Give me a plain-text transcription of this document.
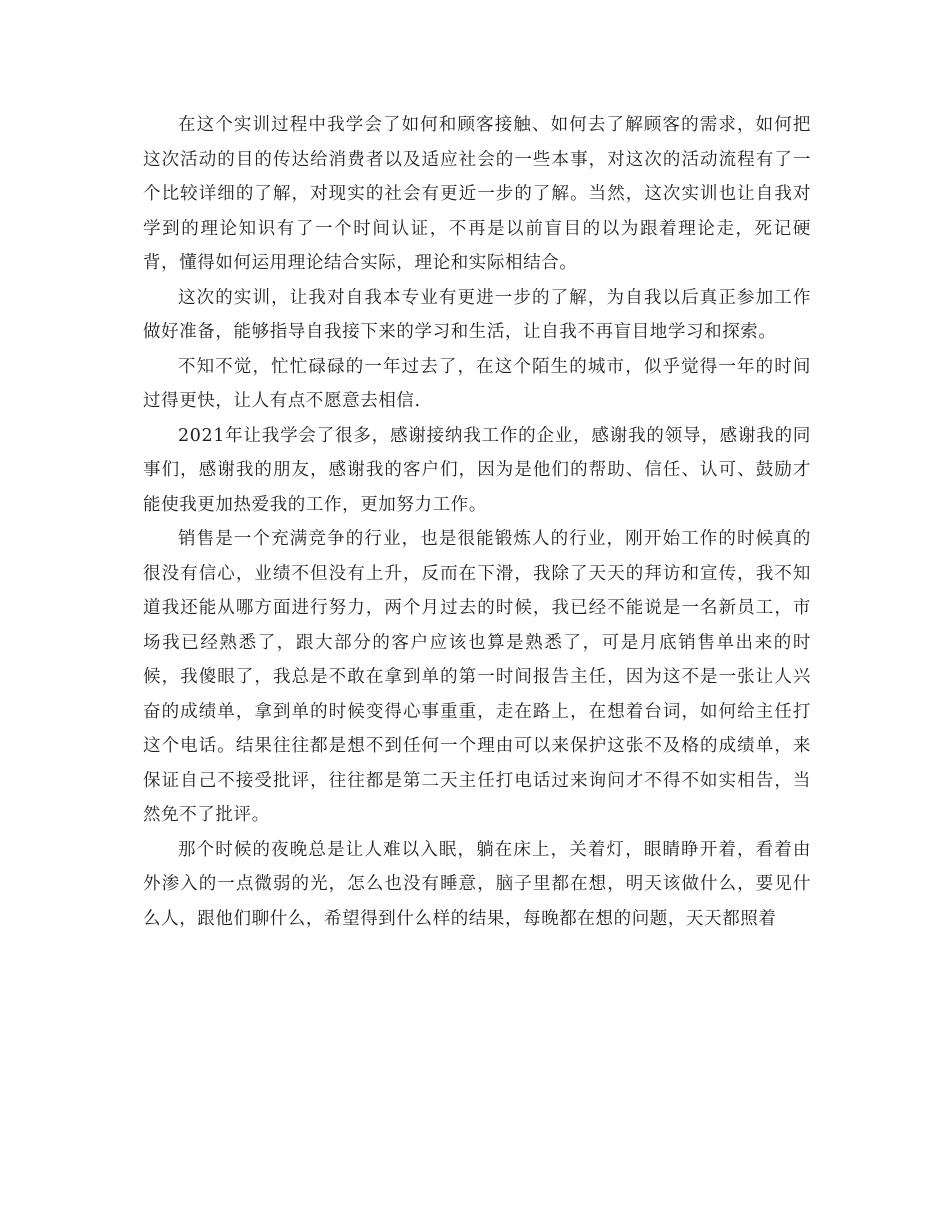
在这个实训过程中我学会了如何和顾客接触、如何去了解顾客的需求，如何把这次活动的目的传达给消费者以及适应社会的一些本事，对这次的活动流程有了一个比较详细的了解，对现实的社会有更近一步的了解。当然，这次实训也让自我对学到的理论知识有了一个时间认证，不再是以前盲目的以为跟着理论走，死记硬背，懂得如何运用理论结合实际，理论和实际相结合。

这次的实训，让我对自我本专业有更进一步的了解，为自我以后真正参加工作做好准备，能够指导自我接下来的学习和生活，让自我不再盲目地学习和探索。

不知不觉，忙忙碌碌的一年过去了，在这个陌生的城市，似乎觉得一年的时间过得更快，让人有点不愿意去相信.

2021年让我学会了很多，感谢接纳我工作的企业，感谢我的领导，感谢我的同事们，感谢我的朋友，感谢我的客户们，因为是他们的帮助、信任、认可、鼓励才能使我更加热爱我的工作，更加努力工作。

销售是一个充满竞争的行业，也是很能锻炼人的行业，刚开始工作的时候真的很没有信心，业绩不但没有上升，反而在下滑，我除了天天的拜访和宣传，我不知道我还能从哪方面进行努力，两个月过去的时候，我已经不能说是一名新员工，市场我已经熟悉了，跟大部分的客户应该也算是熟悉了，可是月底销售单出来的时候，我傻眼了，我总是不敢在拿到单的第一时间报告主任，因为这不是一张让人兴奋的成绩单，拿到单的时候变得心事重重，走在路上，在想着台词，如何给主任打这个电话。结果往往都是想不到任何一个理由可以来保护这张不及格的成绩单，来保证自己不接受批评，往往都是第二天主任打电话过来询问才不得不如实相告，当然免不了批评。

那个时候的夜晚总是让人难以入眠，躺在床上，关着灯，眼睛睁开着，看着由外渗入的一点微弱的光，怎么也没有睡意，脑子里都在想，明天该做什么，要见什么人，跟他们聊什么，希望得到什么样的结果，每晚都在想的问题，天天都照着
